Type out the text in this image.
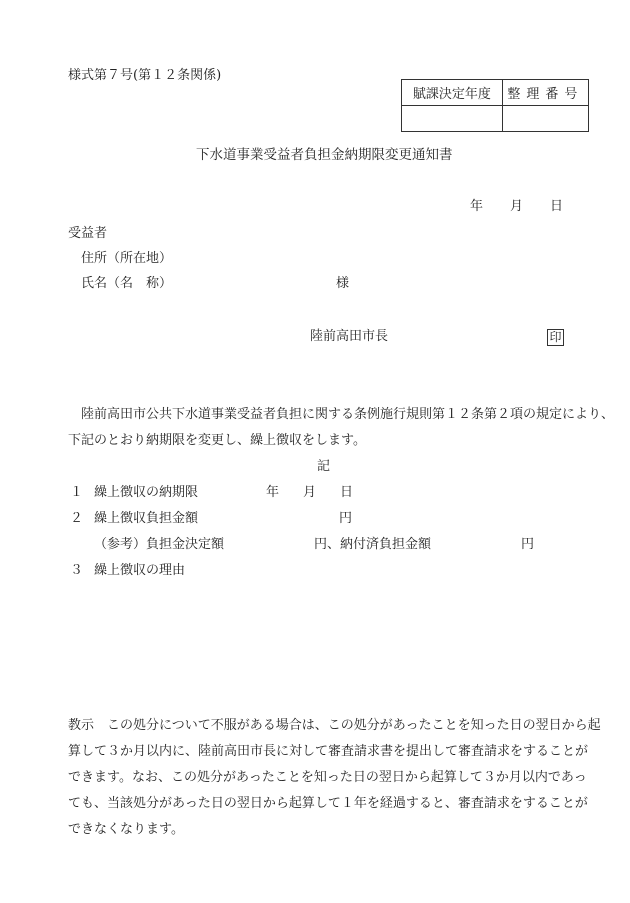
様式第７号(第１２条関係)
賦課決定年度	整理番号

下水道事業受益者負担金納期限変更通知書
年 月 日
受益者
住所（所在地）
氏名（名　称）	様
陸前高田市長	印
陸前高田市公共下水道事業受益者負担に関する条例施行規則第１２条第２項の規定により、
下記のとおり納期限を変更し、繰上徴収をします。
記
１ 繰上徴収の納期限	年 月 日
２ 繰上徴収負担金額	円
（参考）負担金決定額	円、納付済負担金額	円
３ 繰上徴収の理由
教示　この処分について不服がある場合は、この処分があったことを知った日の翌日から起
算して３か月以内に、陸前高田市長に対して審査請求書を提出して審査請求をすることが
できます。なお、この処分があったことを知った日の翌日から起算して３か月以内であっ
ても、当該処分があった日の翌日から起算して１年を経過すると、審査請求をすることが
できなくなります。
